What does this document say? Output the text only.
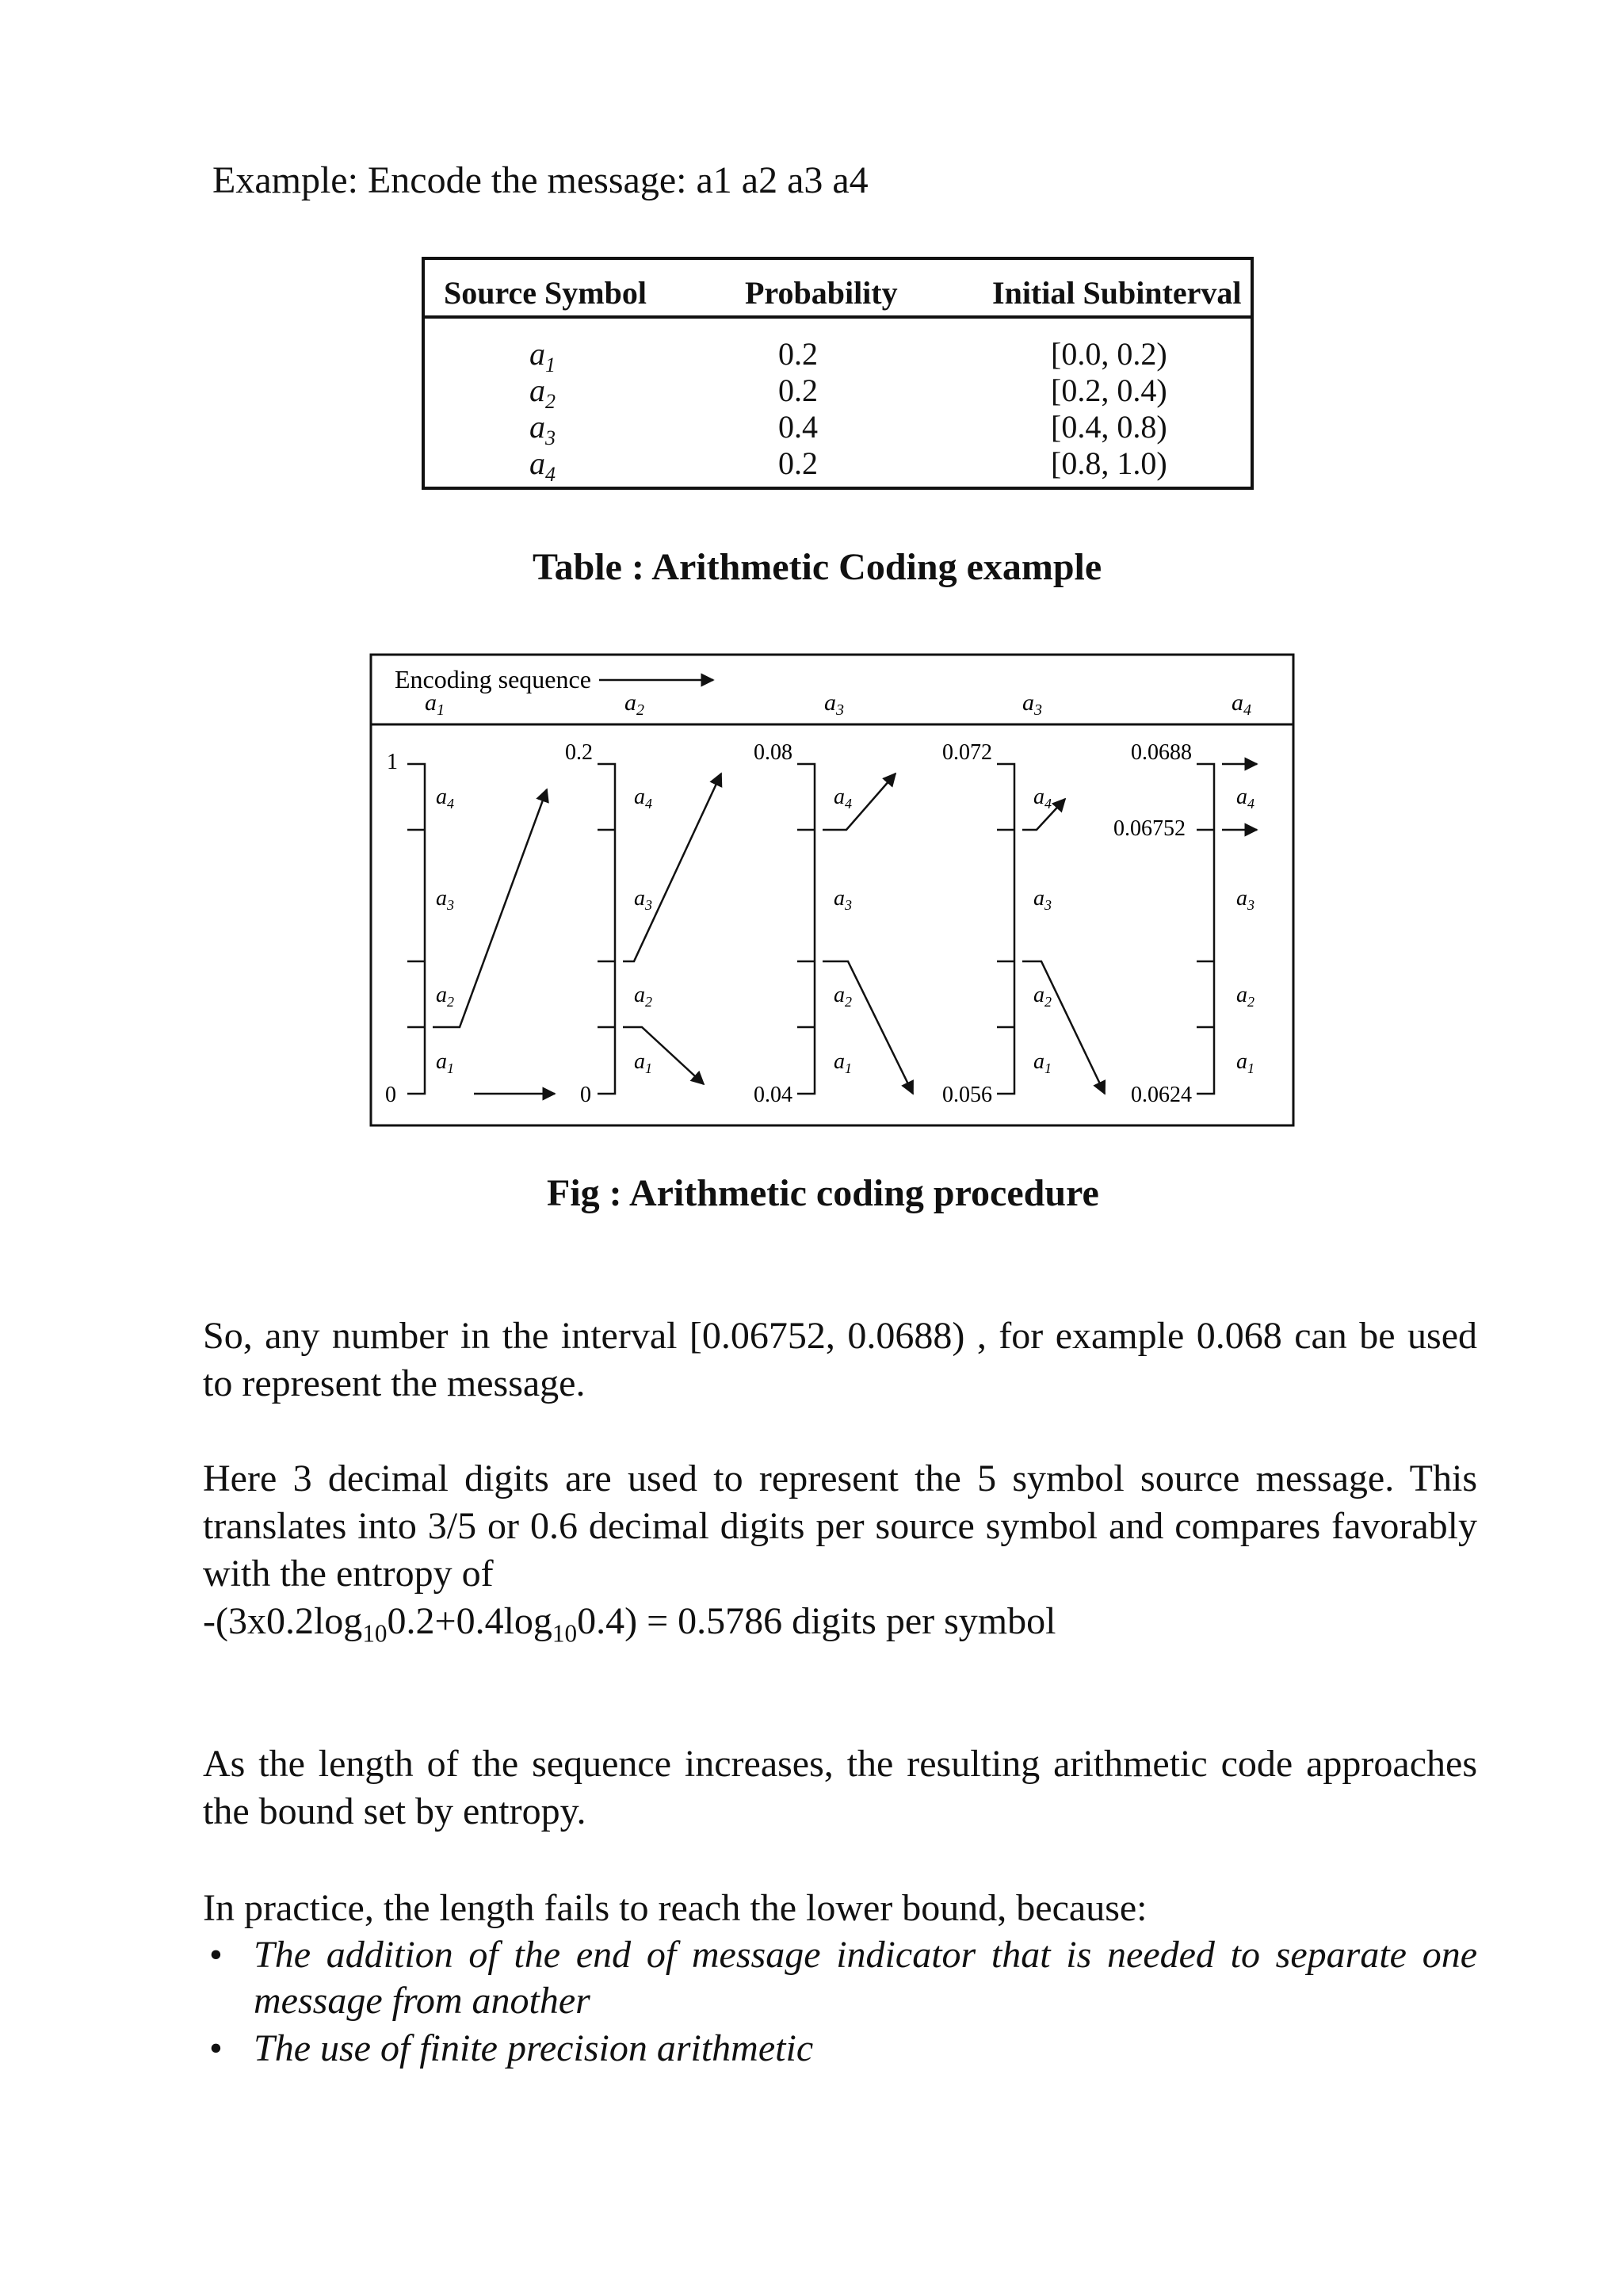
Example: Encode the message: a1 a2 a3 a4
Source Symbol	Probability	Initial Subinterval
$a_1$	0.2	[0.0, 0.2)
$a_2$	0.2	[0.2, 0.4)
$a_3$	0.4	[0.4, 0.8)
$a_4$	0.2	[0.8, 1.0)
Table : Arithmetic Coding example
Encoding sequence
$a_1$	$a_2$	$a_3$	$a_3$	$a_4$
1
0
$a_4$
$a_3$
$a_2$
$a_1$
$a_4$
$a_3$
$a_2$
$a_1$
$a_4$
$a_3$
$a_2$
$a_1$
$a_4$
$a_3$
$a_2$
$a_1$
$a_4$
$a_3$
$a_2$
$a_1$
0.2	0.08	0.072	0.0688
0.06752
0	0.04	0.056	0.0624
Fig : Arithmetic coding procedure

So, any number in the interval [0.06752, 0.0688) , for example 0.068 can be used to represent the message.

Here 3 decimal digits are used to represent the 5 symbol source message. This translates into 3/5 or 0.6 decimal digits per source symbol and compares favorably with the entropy of

$-(3x0.2\log_{10}0.2+0.4\log_{10}0.4) = 0.5786$ digits per symbol

As the length of the sequence increases, the resulting arithmetic code approaches the bound set by entropy.

In practice, the length fails to reach the lower bound, because:

• The addition of the end of message indicator that is needed to separate one message from another
• The use of finite precision arithmetic
